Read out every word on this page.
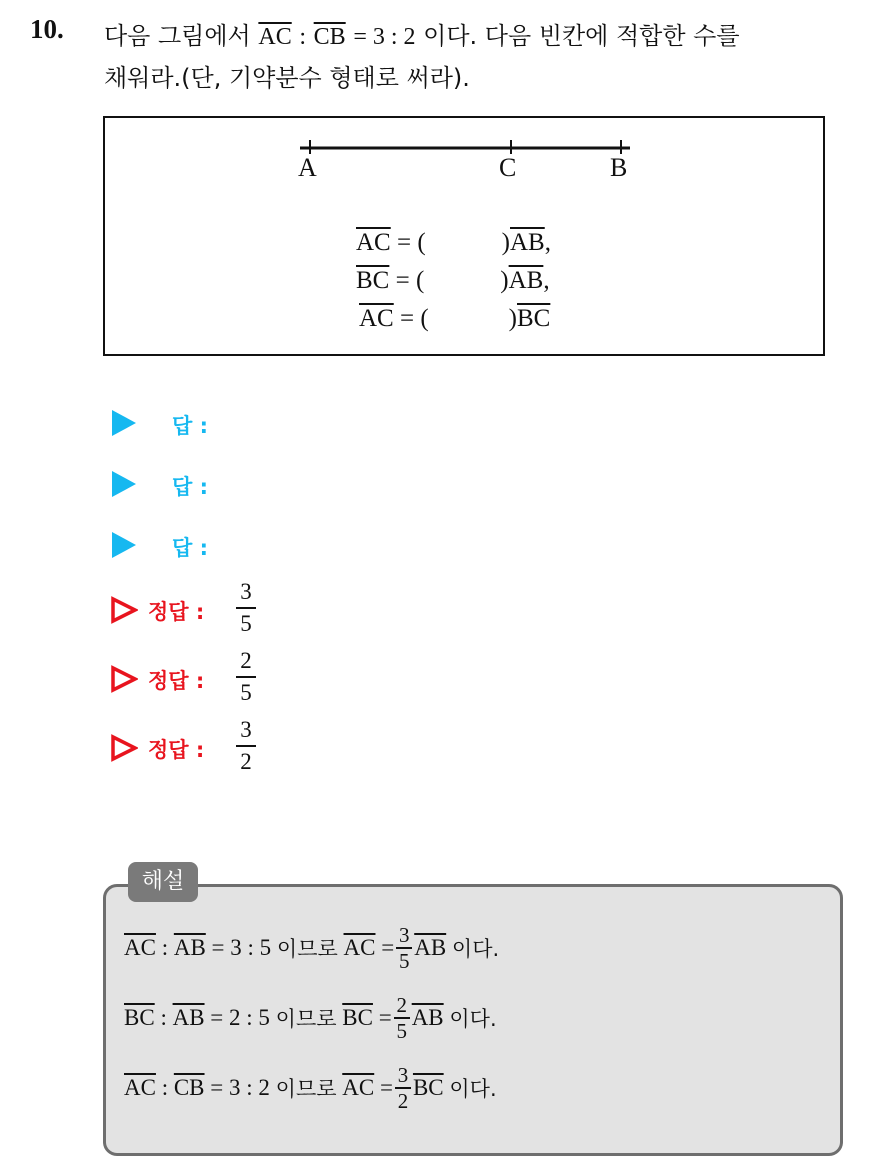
10. 다음 그림에서 $\overline{AC}$ : $\overline{CB} = 3$ : 2 이다. 다음 빈칸에 적합한 수를
채워라.(단, 기약분수 형태로 써라).
A	C	B
$\overline{AC}$ = (	)$\overline{AB}$,
$\overline{BC}$ = (	)$\overline{AB}$,
$\overline{AC}$ = (	)$\overline{BC}$
답 :
답 :
답 :
정답 :
3
5
정답 :
2
5
정답 :
3
2
해설
$\overline{AC}$
:
$\overline{AB}$
= 3 : 5
이므로
$\overline{AC}$
= 3
5
$\overline{AB}$
이다.
$\overline{BC}$
:
$\overline{AB}$
= 2 : 5
이므로
$\overline{BC}$
= 2
5
$\overline{AB}$
이다.
$\overline{AC}$
:
$\overline{CB}$
= 3 : 2
이므로
$\overline{AC}$
= 3
2
$\overline{BC}$
이다.
